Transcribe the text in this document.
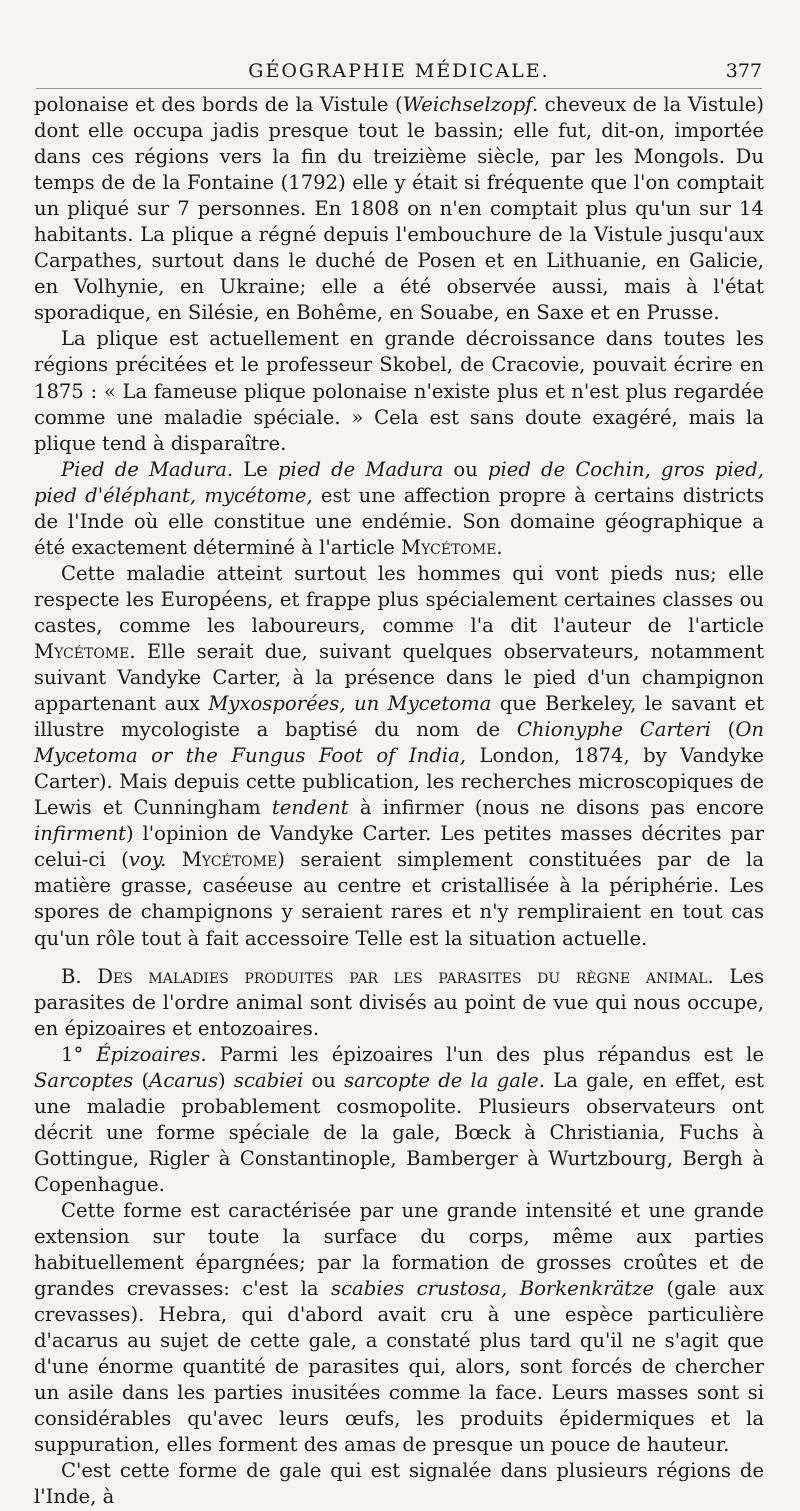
GÉOGRAPHIE MÉDICALE.	377

polonaise et des bords de la Vistule (Weichselzopf. cheveux de la Vistule) dont elle occupa jadis presque tout le bassin; elle fut, dit-on, importée dans ces régions vers la fin du treizième siècle, par les Mongols. Du temps de de la Fontaine (1792) elle y était si fréquente que l'on comptait un pliqué sur 7 personnes. En 1808 on n'en comptait plus qu'un sur 14 habitants. La plique a régné depuis l'embouchure de la Vistule jusqu'aux Carpathes, surtout dans le duché de Posen et en Lithuanie, en Galicie, en Volhynie, en Ukraine; elle a été observée aussi, mais à l'état sporadique, en Silésie, en Bohême, en Souabe, en Saxe et en Prusse.

La plique est actuellement en grande décroissance dans toutes les régions précitées et le professeur Skobel, de Cracovie, pouvait écrire en 1875 : « La fameuse plique polonaise n'existe plus et n'est plus regardée comme une maladie spéciale. » Cela est sans doute exagéré, mais la plique tend à disparaître.

Pied de Madura. Le pied de Madura ou pied de Cochin, gros pied, pied d'éléphant, mycétome, est une affection propre à certains districts de l'Inde où elle constitue une endémie. Son domaine géographique a été exactement déterminé à l'article Mycétome.

Cette maladie atteint surtout les hommes qui vont pieds nus; elle respecte les Européens, et frappe plus spécialement certaines classes ou castes, comme les laboureurs, comme l'a dit l'auteur de l'article Mycétome. Elle serait due, suivant quelques observateurs, notamment suivant Vandyke Carter, à la présence dans le pied d'un champignon appartenant aux Myxosporées, un Mycetoma que Berkeley, le savant et illustre mycologiste a baptisé du nom de Chionyphe Carteri (On Mycetoma or the Fungus Foot of India, London, 1874, by Vandyke Carter). Mais depuis cette publication, les recherches microscopiques de Lewis et Cunningham tendent à infirmer (nous ne disons pas encore infirment) l'opinion de Vandyke Carter. Les petites masses décrites par celui-ci (voy. Mycétome) seraient simplement constituées par de la matière grasse, caséeuse au centre et cristallisée à la périphérie. Les spores de champignons y seraient rares et n'y rempliraient en tout cas qu'un rôle tout à fait accessoire Telle est la situation actuelle.

B. Des maladies produites par les parasites du règne animal. Les parasites de l'ordre animal sont divisés au point de vue qui nous occupe, en épizoaires et entozoaires.

1° Épizoaires. Parmi les épizoaires l'un des plus répandus est le Sarcoptes (Acarus) scabiei ou sarcopte de la gale. La gale, en effet, est une maladie probablement cosmopolite. Plusieurs observateurs ont décrit une forme spéciale de la gale, Bœck à Christiania, Fuchs à Gottingue, Rigler à Constantinople, Bamberger à Wurtzbourg, Bergh à Copenhague.

Cette forme est caractérisée par une grande intensité et une grande extension sur toute la surface du corps, même aux parties habituellement épargnées; par la formation de grosses croûtes et de grandes crevasses: c'est la scabies crustosa, Borkenkrätze (gale aux crevasses). Hebra, qui d'abord avait cru à une espèce particulière d'acarus au sujet de cette gale, a constaté plus tard qu'il ne s'agit que d'une énorme quantité de parasites qui, alors, sont forcés de chercher un asile dans les parties inusitées comme la face. Leurs masses sont si considérables qu'avec leurs œufs, les produits épidermiques et la suppuration, elles forment des amas de presque un pouce de hauteur.

C'est cette forme de gale qui est signalée dans plusieurs régions de l'Inde, à
